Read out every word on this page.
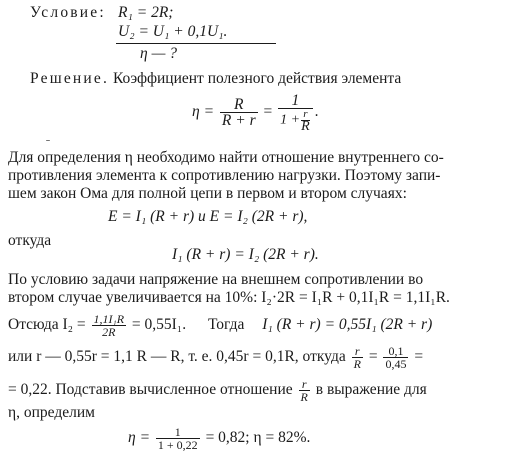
Условие: R₁ = 2R;
U₂ = U₁ + 0,1U₁.
η — ?
Решение. Коэффициент полезного действия элемента
$\eta = \frac{R}{R + r} = \frac{1}{1 + \frac{r}{R}}$ .
ˉ
Для определения η необходимо найти отношение внутреннего со-
противления элемента к сопротивлению нагрузки. Поэтому запи-
шем закон Ома для полной цепи в первом и втором случаях:
E = I₁ (R + r) и E = I₂ (2R + r),
откуда
I₁ (R + r) = I₂ (2R + r).
По условию задачи напряжение на внешнем сопротивлении во
втором случае увеличивается на 10%: I₂·2R = I₁R + 0,1I₁R = 1,1I₁R.
Отсюда $I_2 = \frac{\text{1,1I₁R}}{2R} = 0,55I_1$. Тогда I₁ (R + r) = 0,55I₁ (2R + r)
или r — 0,55r = 1,1 R — R, т. е. 0,45r = 0,1R, откуда $\frac{r}{R} = \frac{0,1}{0,45}$ =
= 0,22. Подставив вычисленное отношение $\frac{r}{R}$ в выражение для
η, определим
$\eta = \frac{1}{1 + 0,22} = 0,82$; η = 82%.
